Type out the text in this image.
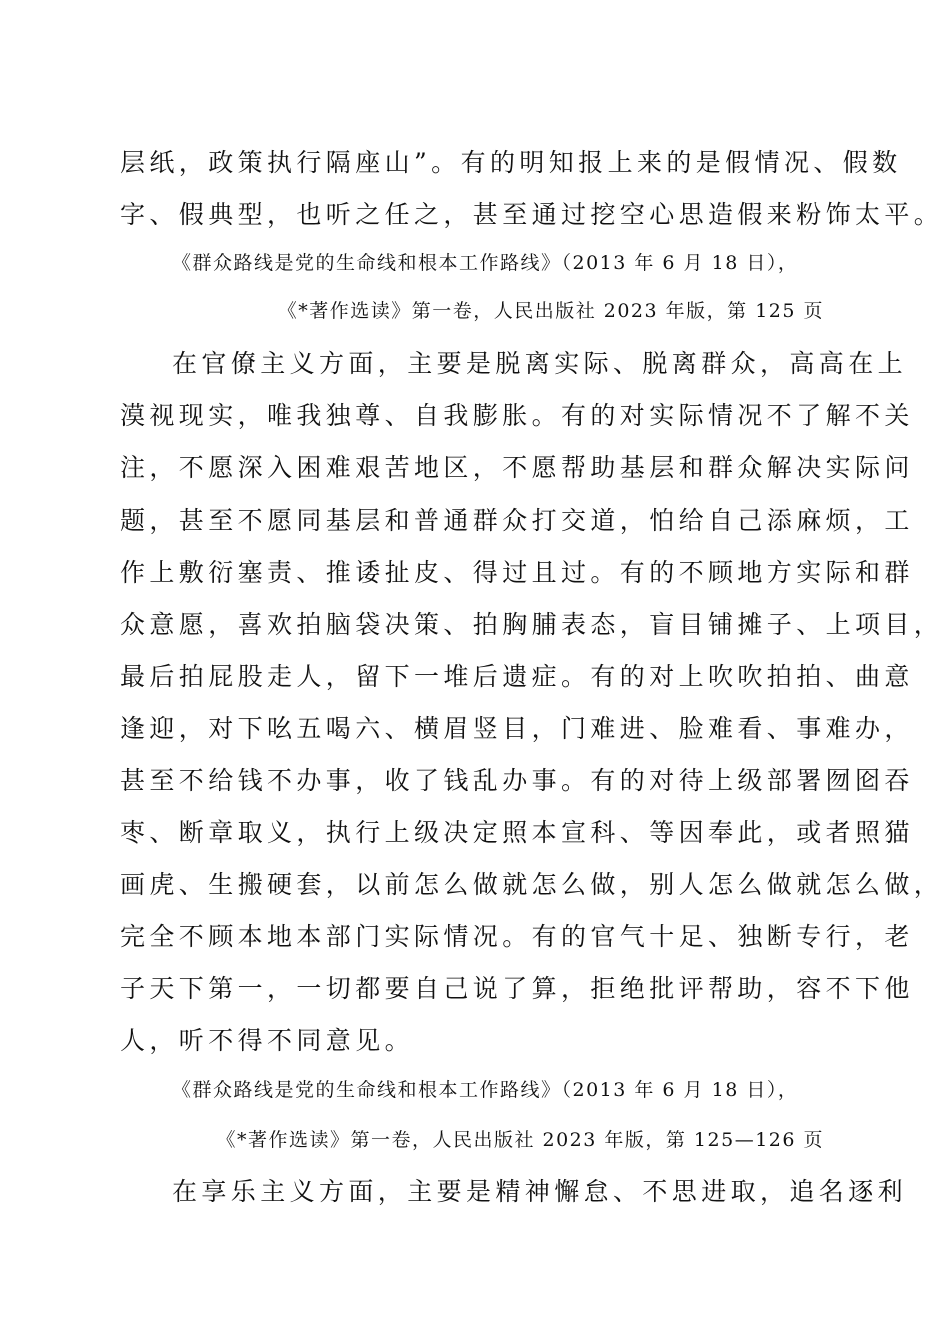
层纸，政策执行隔座山”。有的明知报上来的是假情况、假数
字、假典型，也听之任之，甚至通过挖空心思造假来粉饰太平。
《群众路线是党的生命线和根本工作路线》（2013 年 6 月 18 日），
《*著作选读》第一卷，人民出版社 2023 年版，第 125 页
在官僚主义方面，主要是脱离实际、脱离群众，高高在上
漠视现实，唯我独尊、自我膨胀。有的对实际情况不了解不关
注，不愿深入困难艰苦地区，不愿帮助基层和群众解决实际问
题，甚至不愿同基层和普通群众打交道，怕给自己添麻烦，工
作上敷衍塞责、推诿扯皮、得过且过。有的不顾地方实际和群
众意愿，喜欢拍脑袋决策、拍胸脯表态，盲目铺摊子、上项目，
最后拍屁股走人，留下一堆后遗症。有的对上吹吹拍拍、曲意
逢迎，对下吆五喝六、横眉竖目，门难进、脸难看、事难办，
甚至不给钱不办事，收了钱乱办事。有的对待上级部署囫囵吞
枣、断章取义，执行上级决定照本宣科、等因奉此，或者照猫
画虎、生搬硬套，以前怎么做就怎么做，别人怎么做就怎么做，
完全不顾本地本部门实际情况。有的官气十足、独断专行，老
子天下第一，一切都要自己说了算，拒绝批评帮助，容不下他
人，听不得不同意见。
《群众路线是党的生命线和根本工作路线》（2013 年 6 月 18 日），
《*著作选读》第一卷，人民出版社 2023 年版，第 125—126 页
在享乐主义方面，主要是精神懈怠、不思进取，追名逐利
